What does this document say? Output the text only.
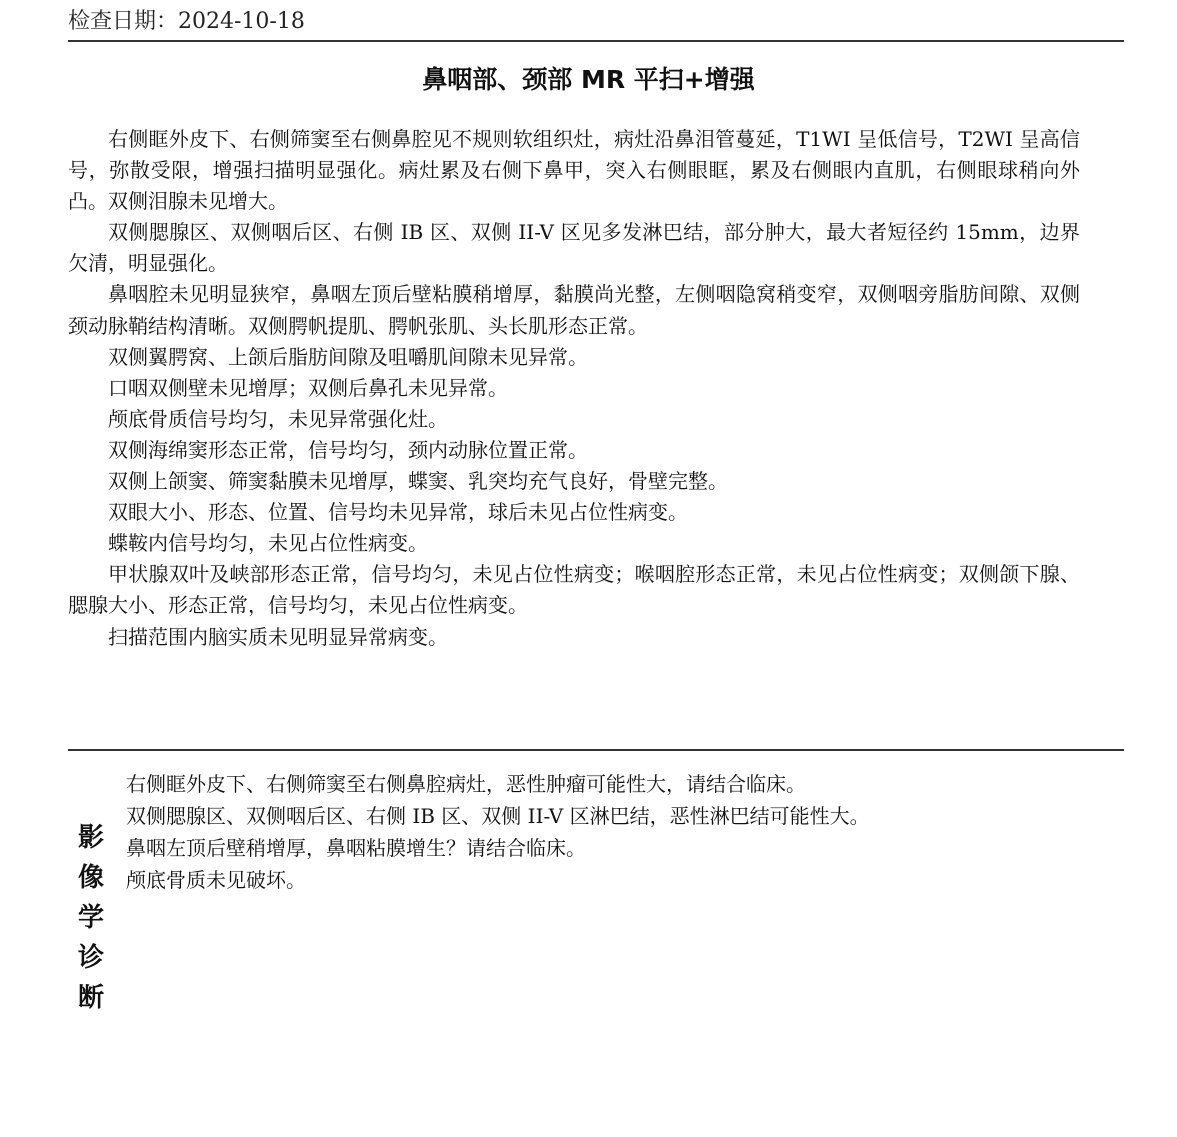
检查日期：2024-10-18
鼻咽部、颈部 MR 平扫+增强

右侧眶外皮下、右侧筛窦至右侧鼻腔见不规则软组织灶，病灶沿鼻泪管蔓延，T1WI 呈低信号，T2WI 呈高信号，弥散受限，增强扫描明显强化。病灶累及右侧下鼻甲，突入右侧眼眶，累及右侧眼内直肌，右侧眼球稍向外凸。双侧泪腺未见增大。

双侧腮腺区、双侧咽后区、右侧 IB 区、双侧 II-V 区见多发淋巴结，部分肿大，最大者短径约 15mm，边界欠清，明显强化。

鼻咽腔未见明显狭窄，鼻咽左顶后壁粘膜稍增厚，黏膜尚光整，左侧咽隐窝稍变窄，双侧咽旁脂肪间隙、双侧颈动脉鞘结构清晰。双侧腭帆提肌、腭帆张肌、头长肌形态正常。

双侧翼腭窝、上颌后脂肪间隙及咀嚼肌间隙未见异常。

口咽双侧壁未见增厚；双侧后鼻孔未见异常。

颅底骨质信号均匀，未见异常强化灶。

双侧海绵窦形态正常，信号均匀，颈内动脉位置正常。

双侧上颌窦、筛窦黏膜未见增厚，蝶窦、乳突均充气良好，骨壁完整。

双眼大小、形态、位置、信号均未见异常，球后未见占位性病变。

蝶鞍内信号均匀，未见占位性病变。

甲状腺双叶及峡部形态正常，信号均匀，未见占位性病变；喉咽腔形态正常，未见占位性病变；双侧颌下腺、腮腺大小、形态正常，信号均匀，未见占位性病变。

扫描范围内脑实质未见明显异常病变。

影
像
学
诊
断

右侧眶外皮下、右侧筛窦至右侧鼻腔病灶，恶性肿瘤可能性大，请结合临床。

双侧腮腺区、双侧咽后区、右侧 IB 区、双侧 II-V 区淋巴结，恶性淋巴结可能性大。

鼻咽左顶后壁稍增厚，鼻咽粘膜增生？请结合临床。

颅底骨质未见破坏。
